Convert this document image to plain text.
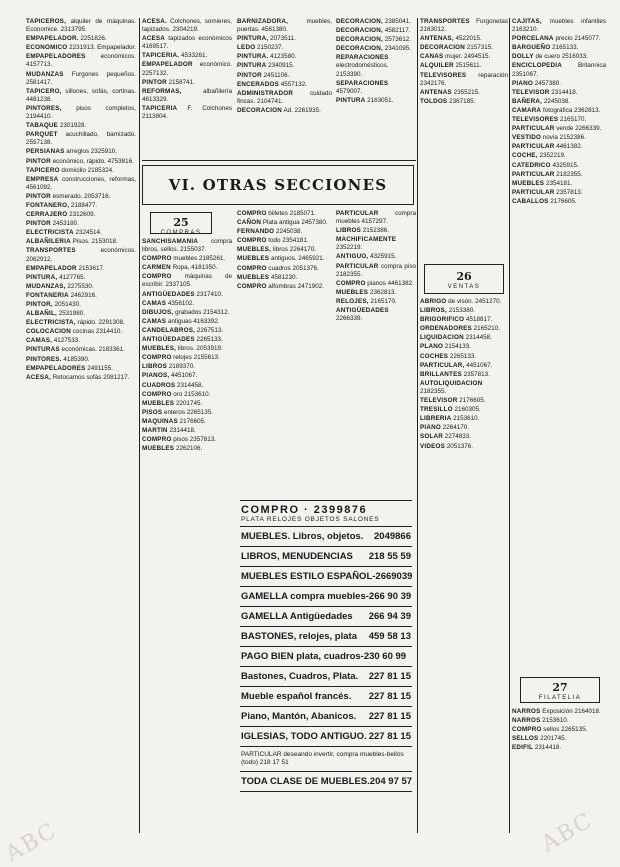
TAPICEROS, alquiler de máquinas. Economice. 2313795.

EMPAPELADOR. 2251826.

ECONOMICO 2231913. Empapelador.

EMPAPELADORES económicos. 4157713.

MUDANZAS Furgones pequeños. 2581417.

TAPICERO, sillones, sofás, cortinas. 4481238.

PINTORES, pisos completos, 2194410.

TABAQUE 2301928.

PARQUET acuchillado, barnizado. 2557138.

PERSIANAS arreglos 2325910.

PINTOR económico, rápido. 4753816.

TAPICERO domicilio 2185324.

EMPRESA construcciones, reformas, 4561092.

PINTOR esmerado. 2053716.

FONTANERO, 2188477.

CERRAJERO 2312609.

PINTOR 2453180.

ELECTRICISTA 2324514.

ALBAÑILERIA Pisos. 2153018.

TRANSPORTES	económicos. 2062912.

EMPAPELADOR 2153617.

PINTURA, 4127765.

MUDANZAS, 2275530.

FONTANERIA 2462916.

PINTOR, 2051430.

ALBAÑIL, 2531980.

ELECTRICISTA, rápido. 2291308.

COLOCACION cocinas 2314410.

CAMAS, 4127533.

PINTURAS económicas. 2183361.

PINTORES. 4185390.

EMPAPELADORES 2491155.

ACESA, Retocamos sofás 2081217.

ACESA. Colchones, somieres, tapizados. 2304219.

ACESA tapizados económicos 4169517.

TAPICERIA. 4533261.

EMPAPELADOR económico. 2257132.

PINTOR 2158741.

REFORMAS,	albañilería 4613329.

TAPICERIA F. Colchones 2113804.

BARNIZADORA,	muebles, puertas. 4561380.

PINTURA, 2073511.

LEDO 2150237.

PINTURA. 4123580.

PINTURA 2340915.

PINTOR 2451106.

ENCERADOS 4557132.

ADMINISTRADOR	cuidado fincas. 2104741.

DECORACION Ad. 2261935.

DECORACION, 2385041.

DECORACION, 4582117.

DECORACION, 2573612.

DECORACION, 2341095.

REPARACIONES electrodomésticos. 2153390.

SEPARACIONES 4579007.

PINTURA 2163051.

TRANSPORTES Furgonetas 2163012.

ANTENAS, 4522015.

DECORACION 2157315.

CANAS mujer. 2494515.

ALQUILER 2515611.

TELEVISORES reparación 2342176.

ANTENAS 2355215.

TOLDOS 2367185.

CAJITAS, muebles infantiles 2163210.

PORCELANA precio 2145077.

BARGUEÑO 2165133.

DOLLY de cuero 2516033.

ENCICLOPEDIA	Britannica 2351067.

PIANO 2457380.

TELEVISOR 2314418.

BAÑERA, 2245038.

CAMARA fotográfica 2362813.

TELEVISORES 2165170.

PARTICULAR vende 2266339.

VESTIDO novia 2152386.

PARTICULAR 4461382.

COCHE, 2352219.

CATEDRICO 4325915.

PARTICULAR 2182355.

MUEBLES 2354181.

PARTICULAR 2357813.

CABALLOS 2176605.

VI. OTRAS SECCIONES
25
COMPRAS
26
VENTAS
27
FILATELIA

SANCHISAMANIA compra libros, sellos. 2155037.

COMPRO muebles 2185261.

CARMEN Ropa, 4181350.

COMPRO máquinas de escribir. 2337105.

ANTIGÜEDADES 2317410.

CAMAS 4356102.

DIBUJOS, grabados 2154312.

CAMAS antiguas 4163392.

CANDELABROS, 2267513.

ANTIGÜEDADES 2265133.

MUEBLES, libros. 2053919.

COMPRO relojes 2155613.

LIBROS 2189370.

PIANOS, 4451067.

CUADROS 2314458.

COMPRO oro 2153610.

MUEBLES 2201745.

PISOS enteros 2265135.

MAQUINAS 2176605.

MARTIN 2314418.

COMPRO pisos 2357813.

MUEBLES 2262106.

COMPRO billetes 2185071.

CAÑON Plata antigua 2457380.

FERNANDO 2245038.

COMPRO todo 2354181.

MUEBLES, libros 2264170.

MUEBLES antiguos. 2465921.

COMPRO cuadros 2051376.

MUEBLES 4581230.

COMPRO alfombras 2471902.

PARTICULAR	compra muebles 4157297.

LIBROS 2152386.

MACHIFICAMENTE 2352219.

ANTIGUO, 4325915.

PARTICULAR compra piso 2182355.

COMPRO pianos 4461382.

MUEBLES 2362813.

RELOJES, 2165170.

ANTIGÜEDADES 2266339.

ABRIGO de visón. 2451270.

LIBROS, 2153380.

BRIGORIFICO 4518817.

ORDENADORES 2165210.

LIQUIDACION 2314458.

PLANO 2154133.

COCHES 2265133.

PARTICULAR, 4451067.

BRILLANTES 2357813.

AUTOLIQUIDACION 2182355.

TELEVISOR 2176605.

TRESILLO 2160305.

LIBRERIA 2153610.

PIANO 2264170.

SOLAR 2274833.

VIDEOS 2051376.

NARROS Exposición 2164018.

NARROS 2153610.

COMPRO sellos 2265135.

SELLOS 2201745.

EDIFIL 2314418.

COMPRO · 2399876
PLATA RELOJES OBJETOS SALONES
MUEBLES. Libros, objetos. 2049866
LIBROS, MENUDENCIAS 218 55 59
MUEBLES ESTILO ESPAÑOL-2669039
GAMELLA compra muebles-266 90 39
GAMELLA Antigüedades 266 94 39
BASTONES, relojes, plata 459 58 13
PAGO BIEN plata, cuadros-230 60 99
Bastones, Cuadros, Plata. 227 81 15
Mueble español francés. 227 81 15
Piano, Mantón, Abanicos. 227 81 15
IGLESIAS, TODO ANTIGUO. 227 81 15
PARTICULAR deseando invertir, compra muebles-bellos (todo) 218 17 51
TODA CLASE DE MUEBLES. 204 97 57
ABC	ABC
